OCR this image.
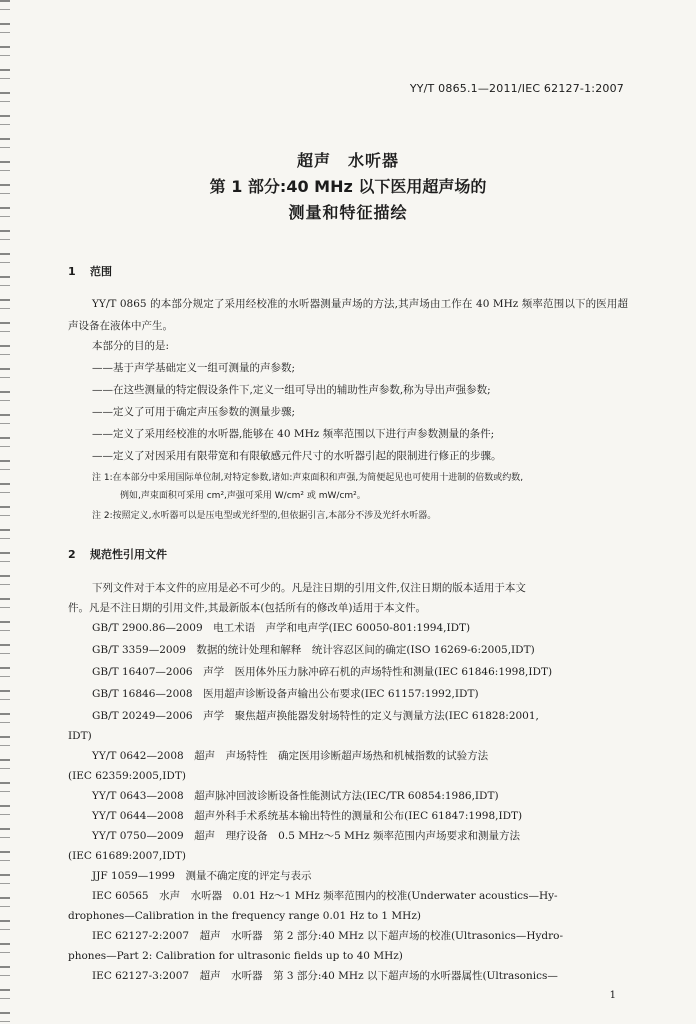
YY/T 0865.1—2011/IEC 62127-1:2007
超声　水听器
第 1 部分:40 MHz 以下医用超声场的
测量和特征描绘
1 范围
YY/T 0865 的本部分规定了采用经校准的水听器测量声场的方法,其声场由工作在 40 MHz 频率范围以下的医用超声设备在液体中产生。
本部分的目的是:
——基于声学基础定义一组可测量的声参数;
——在这些测量的特定假设条件下,定义一组可导出的辅助性声参数,称为导出声强参数;
——定义了可用于确定声压参数的测量步骤;
——定义了采用经校准的水听器,能够在 40 MHz 频率范围以下进行声参数测量的条件;
——定义了对因采用有限带宽和有限敏感元件尺寸的水听器引起的限制进行修正的步骤。
注 1:在本部分中采用国际单位制,对特定参数,诸如:声束面积和声强,为简便起见也可使用十进制的倍数或约数,
例如,声束面积可采用 cm²,声强可采用 W/cm² 或 mW/cm²。
注 2:按照定义,水听器可以是压电型或光纤型的,但依据引言,本部分不涉及光纤水听器。
2 规范性引用文件
下列文件对于本文件的应用是必不可少的。凡是注日期的引用文件,仅注日期的版本适用于本文
件。凡是不注日期的引用文件,其最新版本(包括所有的修改单)适用于本文件。
GB/T 2900.86—2009　电工术语　声学和电声学(IEC 60050-801:1994,IDT)
GB/T 3359—2009　数据的统计处理和解释　统计容忍区间的确定(ISO 16269-6:2005,IDT)
GB/T 16407—2006　声学　医用体外压力脉冲碎石机的声场特性和测量(IEC 61846:1998,IDT)
GB/T 16846—2008　医用超声诊断设备声输出公布要求(IEC 61157:1992,IDT)
GB/T 20249—2006　声学　聚焦超声换能器发射场特性的定义与测量方法(IEC 61828:2001,
IDT)
YY/T 0642—2008　超声　声场特性　确定医用诊断超声场热和机械指数的试验方法
(IEC 62359:2005,IDT)
YY/T 0643—2008　超声脉冲回波诊断设备性能测试方法(IEC/TR 60854:1986,IDT)
YY/T 0644—2008　超声外科手术系统基本输出特性的测量和公布(IEC 61847:1998,IDT)
YY/T 0750—2009　超声　理疗设备　0.5 MHz～5 MHz 频率范围内声场要求和测量方法
(IEC 61689:2007,IDT)
JJF 1059—1999　测量不确定度的评定与表示
IEC 60565　水声　水听器　0.01 Hz～1 MHz 频率范围内的校准(Underwater acoustics—Hy-
drophones—Calibration in the frequency range 0.01 Hz to 1 MHz)
IEC 62127-2:2007　超声　水听器　第 2 部分:40 MHz 以下超声场的校准(Ultrasonics—Hydro-
phones—Part 2: Calibration for ultrasonic fields up to 40 MHz)
IEC 62127-3:2007　超声　水听器　第 3 部分:40 MHz 以下超声场的水听器属性(Ultrasonics—
1
